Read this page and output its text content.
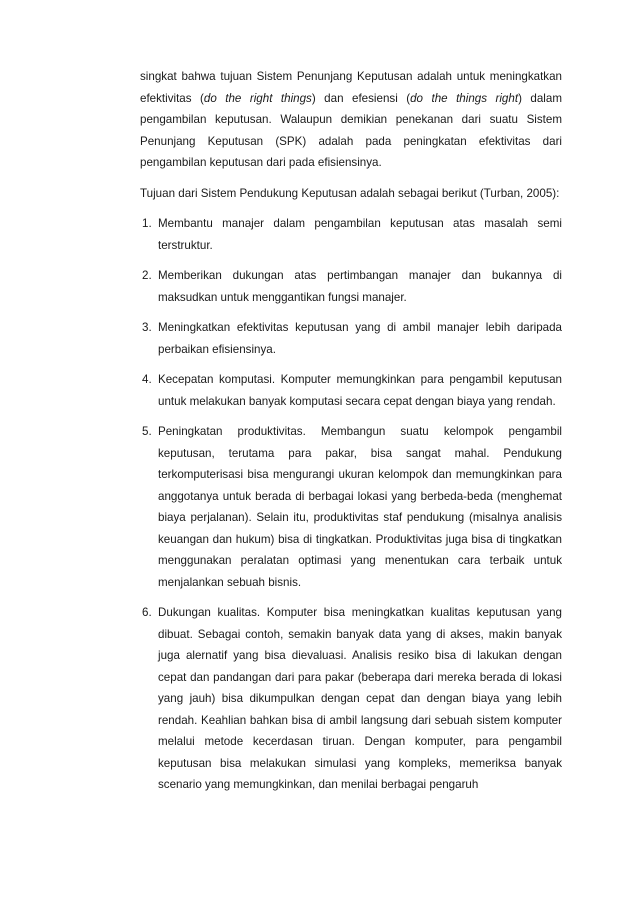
singkat bahwa tujuan Sistem Penunjang Keputusan adalah untuk meningkatkan efektivitas (do the right things) dan efesiensi (do the things right) dalam pengambilan keputusan. Walaupun demikian penekanan dari suatu Sistem Penunjang Keputusan (SPK) adalah pada peningkatan efektivitas dari pengambilan keputusan dari pada efisiensinya.

Tujuan dari Sistem Pendukung Keputusan adalah sebagai berikut (Turban, 2005):

1. Membantu manajer dalam pengambilan keputusan atas masalah semi terstruktur.
2. Memberikan dukungan atas pertimbangan manajer dan bukannya di maksudkan untuk menggantikan fungsi manajer.
3. Meningkatkan efektivitas keputusan yang di ambil manajer lebih daripada perbaikan efisiensinya.
4. Kecepatan komputasi. Komputer memungkinkan para pengambil keputusan untuk melakukan banyak komputasi secara cepat dengan biaya yang rendah.
5. Peningkatan produktivitas. Membangun suatu kelompok pengambil keputusan, terutama para pakar, bisa sangat mahal. Pendukung terkomputerisasi bisa mengurangi ukuran kelompok dan memungkinkan para anggotanya untuk berada di berbagai lokasi yang berbeda-beda (menghemat biaya perjalanan). Selain itu, produktivitas staf pendukung (misalnya analisis keuangan dan hukum) bisa di tingkatkan. Produktivitas juga bisa di tingkatkan menggunakan peralatan optimasi yang menentukan cara terbaik untuk menjalankan sebuah bisnis.
6. Dukungan kualitas. Komputer bisa meningkatkan kualitas keputusan yang dibuat. Sebagai contoh, semakin banyak data yang di akses, makin banyak juga alernatif yang bisa dievaluasi. Analisis resiko bisa di lakukan dengan cepat dan pandangan dari para pakar (beberapa dari mereka berada di lokasi yang jauh) bisa dikumpulkan dengan cepat dan dengan biaya yang lebih rendah. Keahlian bahkan bisa di ambil langsung dari sebuah sistem komputer melalui metode kecerdasan tiruan. Dengan komputer, para pengambil keputusan bisa melakukan simulasi yang kompleks, memeriksa banyak scenario yang memungkinkan, dan menilai berbagai pengaruh
